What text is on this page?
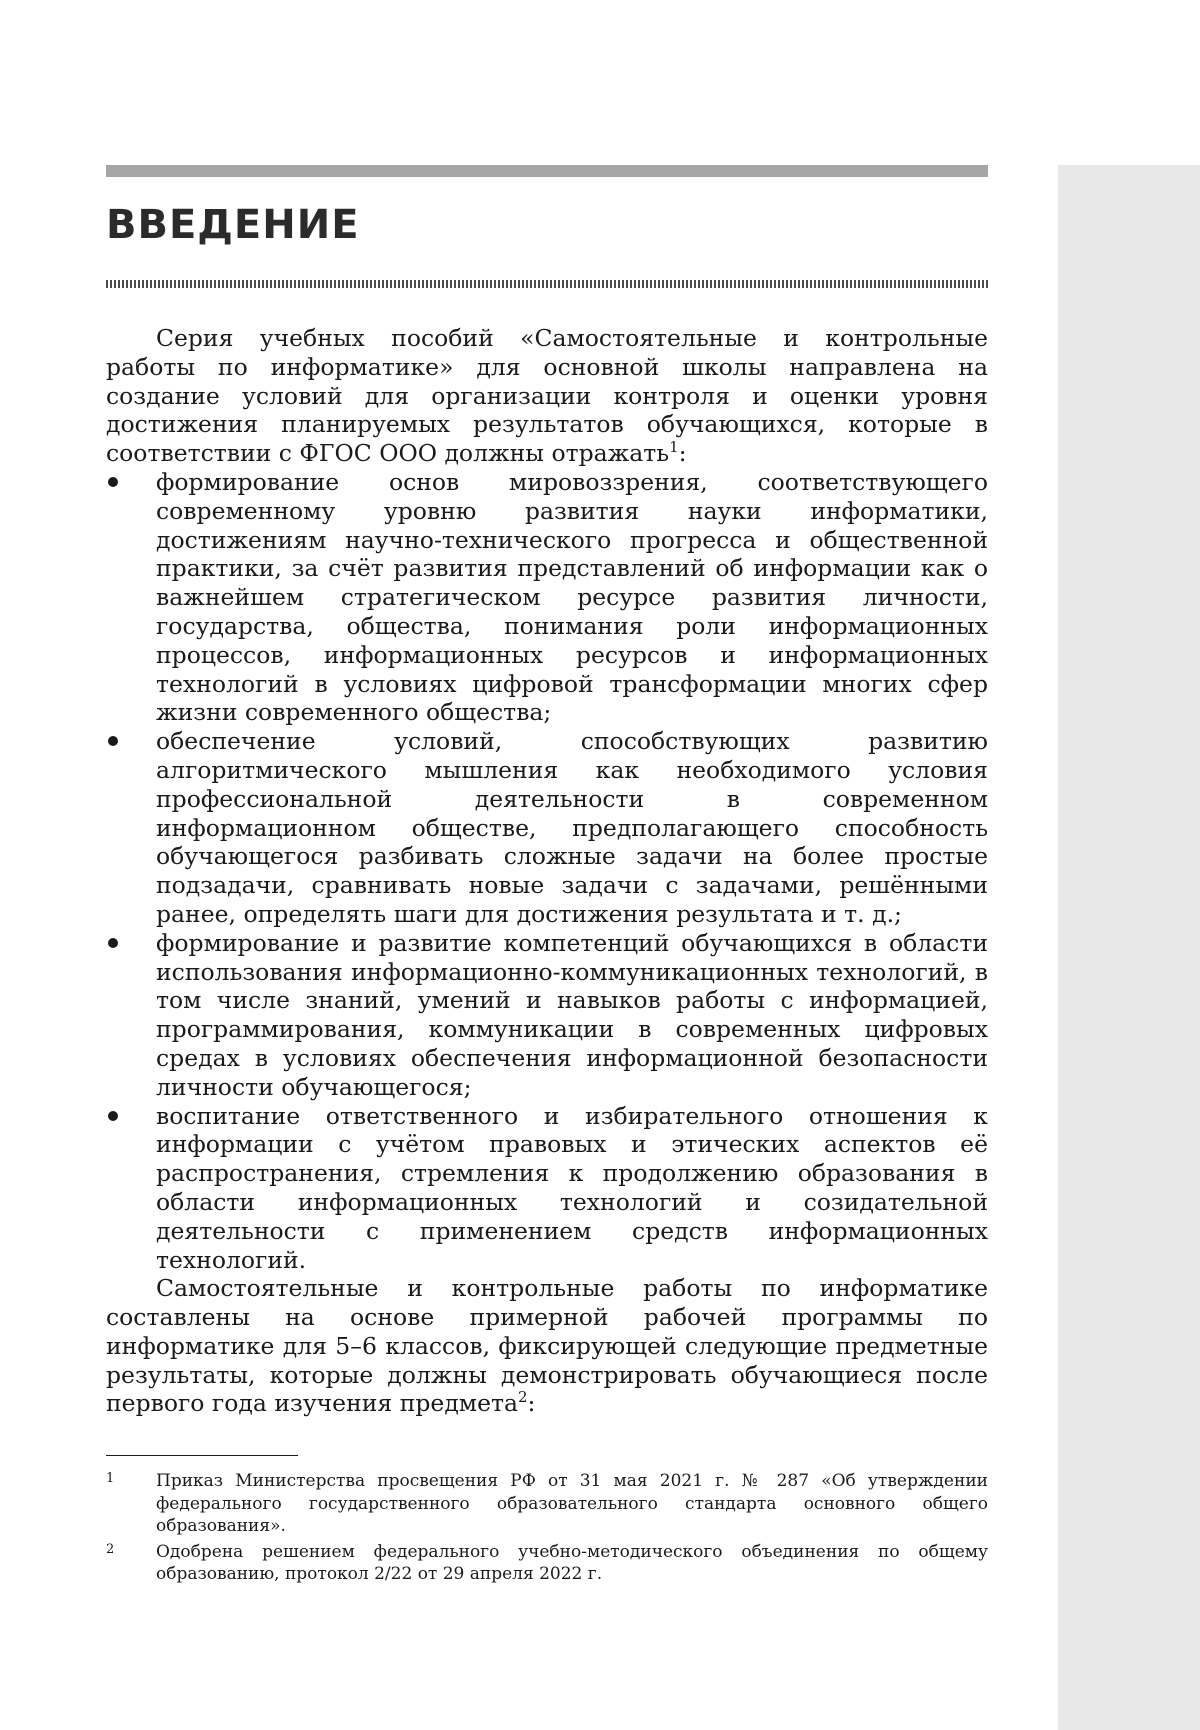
ВВЕДЕНИЕ

Серия учебных пособий «Самостоятельные и контрольные работы по информатике» для основной школы направлена на создание условий для организации контроля и оценки уровня достижения планируемых результатов обучающихся, которые в соответствии с ФГОС ООО должны отражать$^1$:

формирование основ мировоззрения, соответствующего современному уровню развития науки информатики, достижениям научно-технического прогресса и общественной практики, за счёт развития представлений об информации как о важнейшем стратегическом ресурсе развития личности, государства, общества, понимания роли информационных процессов, информационных ресурсов и информационных технологий в условиях цифровой трансформации многих сфер жизни современного общества;
обеспечение условий, способствующих развитию алгоритмического мышления как необходимого условия профессиональной деятельности в современном информационном обществе, предполагающего способность обучающегося разбивать сложные задачи на более простые подзадачи, сравнивать новые задачи с задачами, решёнными ранее, определять шаги для достижения результата и т. д.;
формирование и развитие компетенций обучающихся в области использования информационно-коммуникационных технологий, в том числе знаний, умений и навыков работы с информацией, программирования, коммуникации в современных цифровых средах в условиях обеспечения информационной безопасности личности обучающегося;
воспитание ответственного и избирательного отношения к информации с учётом правовых и этических аспектов её распространения, стремления к продолжению образования в области информационных технологий и созидательной деятельности с применением средств информационных технологий.

Самостоятельные и контрольные работы по информатике составлены на основе примерной рабочей программы по информатике для 5–6 классов, фиксирующей следующие предметные результаты, которые должны демонстрировать обучающиеся после первого года изучения предмета$^2$:

1 Приказ Министерства просвещения РФ от 31 мая 2021 г. № 287 «Об утверждении федерального государственного образовательного стандарта основного общего образования».

2 Одобрена решением федерального учебно-методического объединения по общему образованию, протокол 2/22 от 29 апреля 2022 г.
